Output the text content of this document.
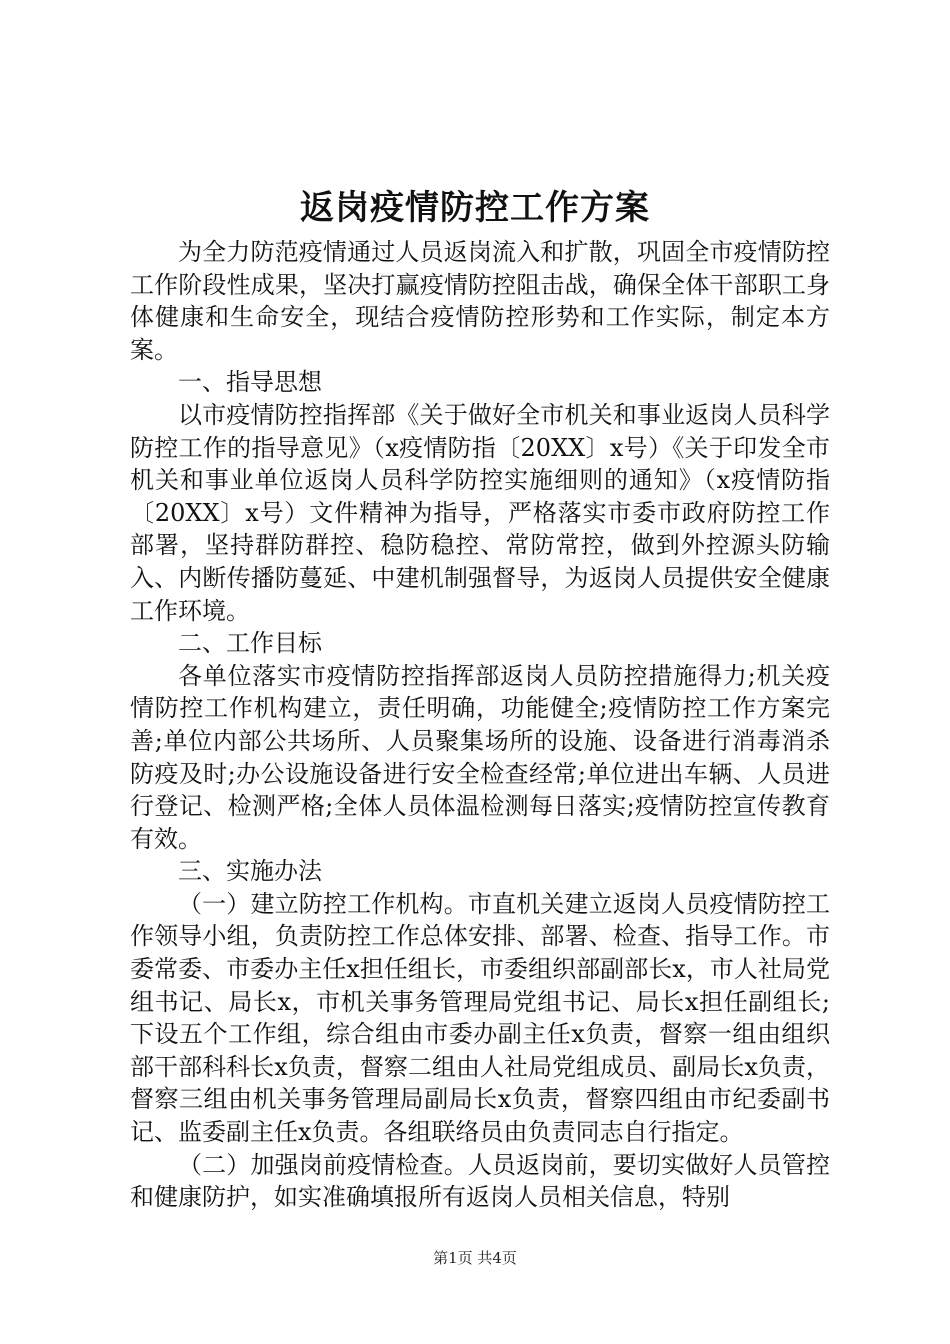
返岗疫情防控工作方案

为全力防范疫情通过人员返岗流入和扩散，巩固全市疫情防控工作阶段性成果，坚决打赢疫情防控阻击战，确保全体干部职工身体健康和生命安全，现结合疫情防控形势和工作实际，制定本方案。

一、指导思想

以市疫情防控指挥部《关于做好全市机关和事业返岗人员科学防控工作的指导意见》（x疫情防指〔20XX〕x号）《关于印发全市机关和事业单位返岗人员科学防控实施细则的通知》（x疫情防指〔20XX〕x号）文件精神为指导，严格落实市委市政府防控工作部署，坚持群防群控、稳防稳控、常防常控，做到外控源头防输入、内断传播防蔓延、中建机制强督导，为返岗人员提供安全健康工作环境。

二、工作目标

各单位落实市疫情防控指挥部返岗人员防控措施得力;机关疫情防控工作机构建立，责任明确，功能健全;疫情防控工作方案完善;单位内部公共场所、人员聚集场所的设施、设备进行消毒消杀防疫及时;办公设施设备进行安全检查经常;单位进出车辆、人员进行登记、检测严格;全体人员体温检测每日落实;疫情防控宣传教育有效。

三、实施办法

（一）建立防控工作机构。市直机关建立返岗人员疫情防控工作领导小组，负责防控工作总体安排、部署、检查、指导工作。市委常委、市委办主任x担任组长，市委组织部副部长x，市人社局党组书记、局长x，市机关事务管理局党组书记、局长x担任副组长;下设五个工作组，综合组由市委办副主任x负责，督察一组由组织部干部科科长x负责，督察二组由人社局党组成员、副局长x负责，督察三组由机关事务管理局副局长x负责，督察四组由市纪委副书记、监委副主任x负责。各组联络员由负责同志自行指定。

（二）加强岗前疫情检查。人员返岗前，要切实做好人员管控和健康防护，如实准确填报所有返岗人员相关信息，特别

第1页 共4页
